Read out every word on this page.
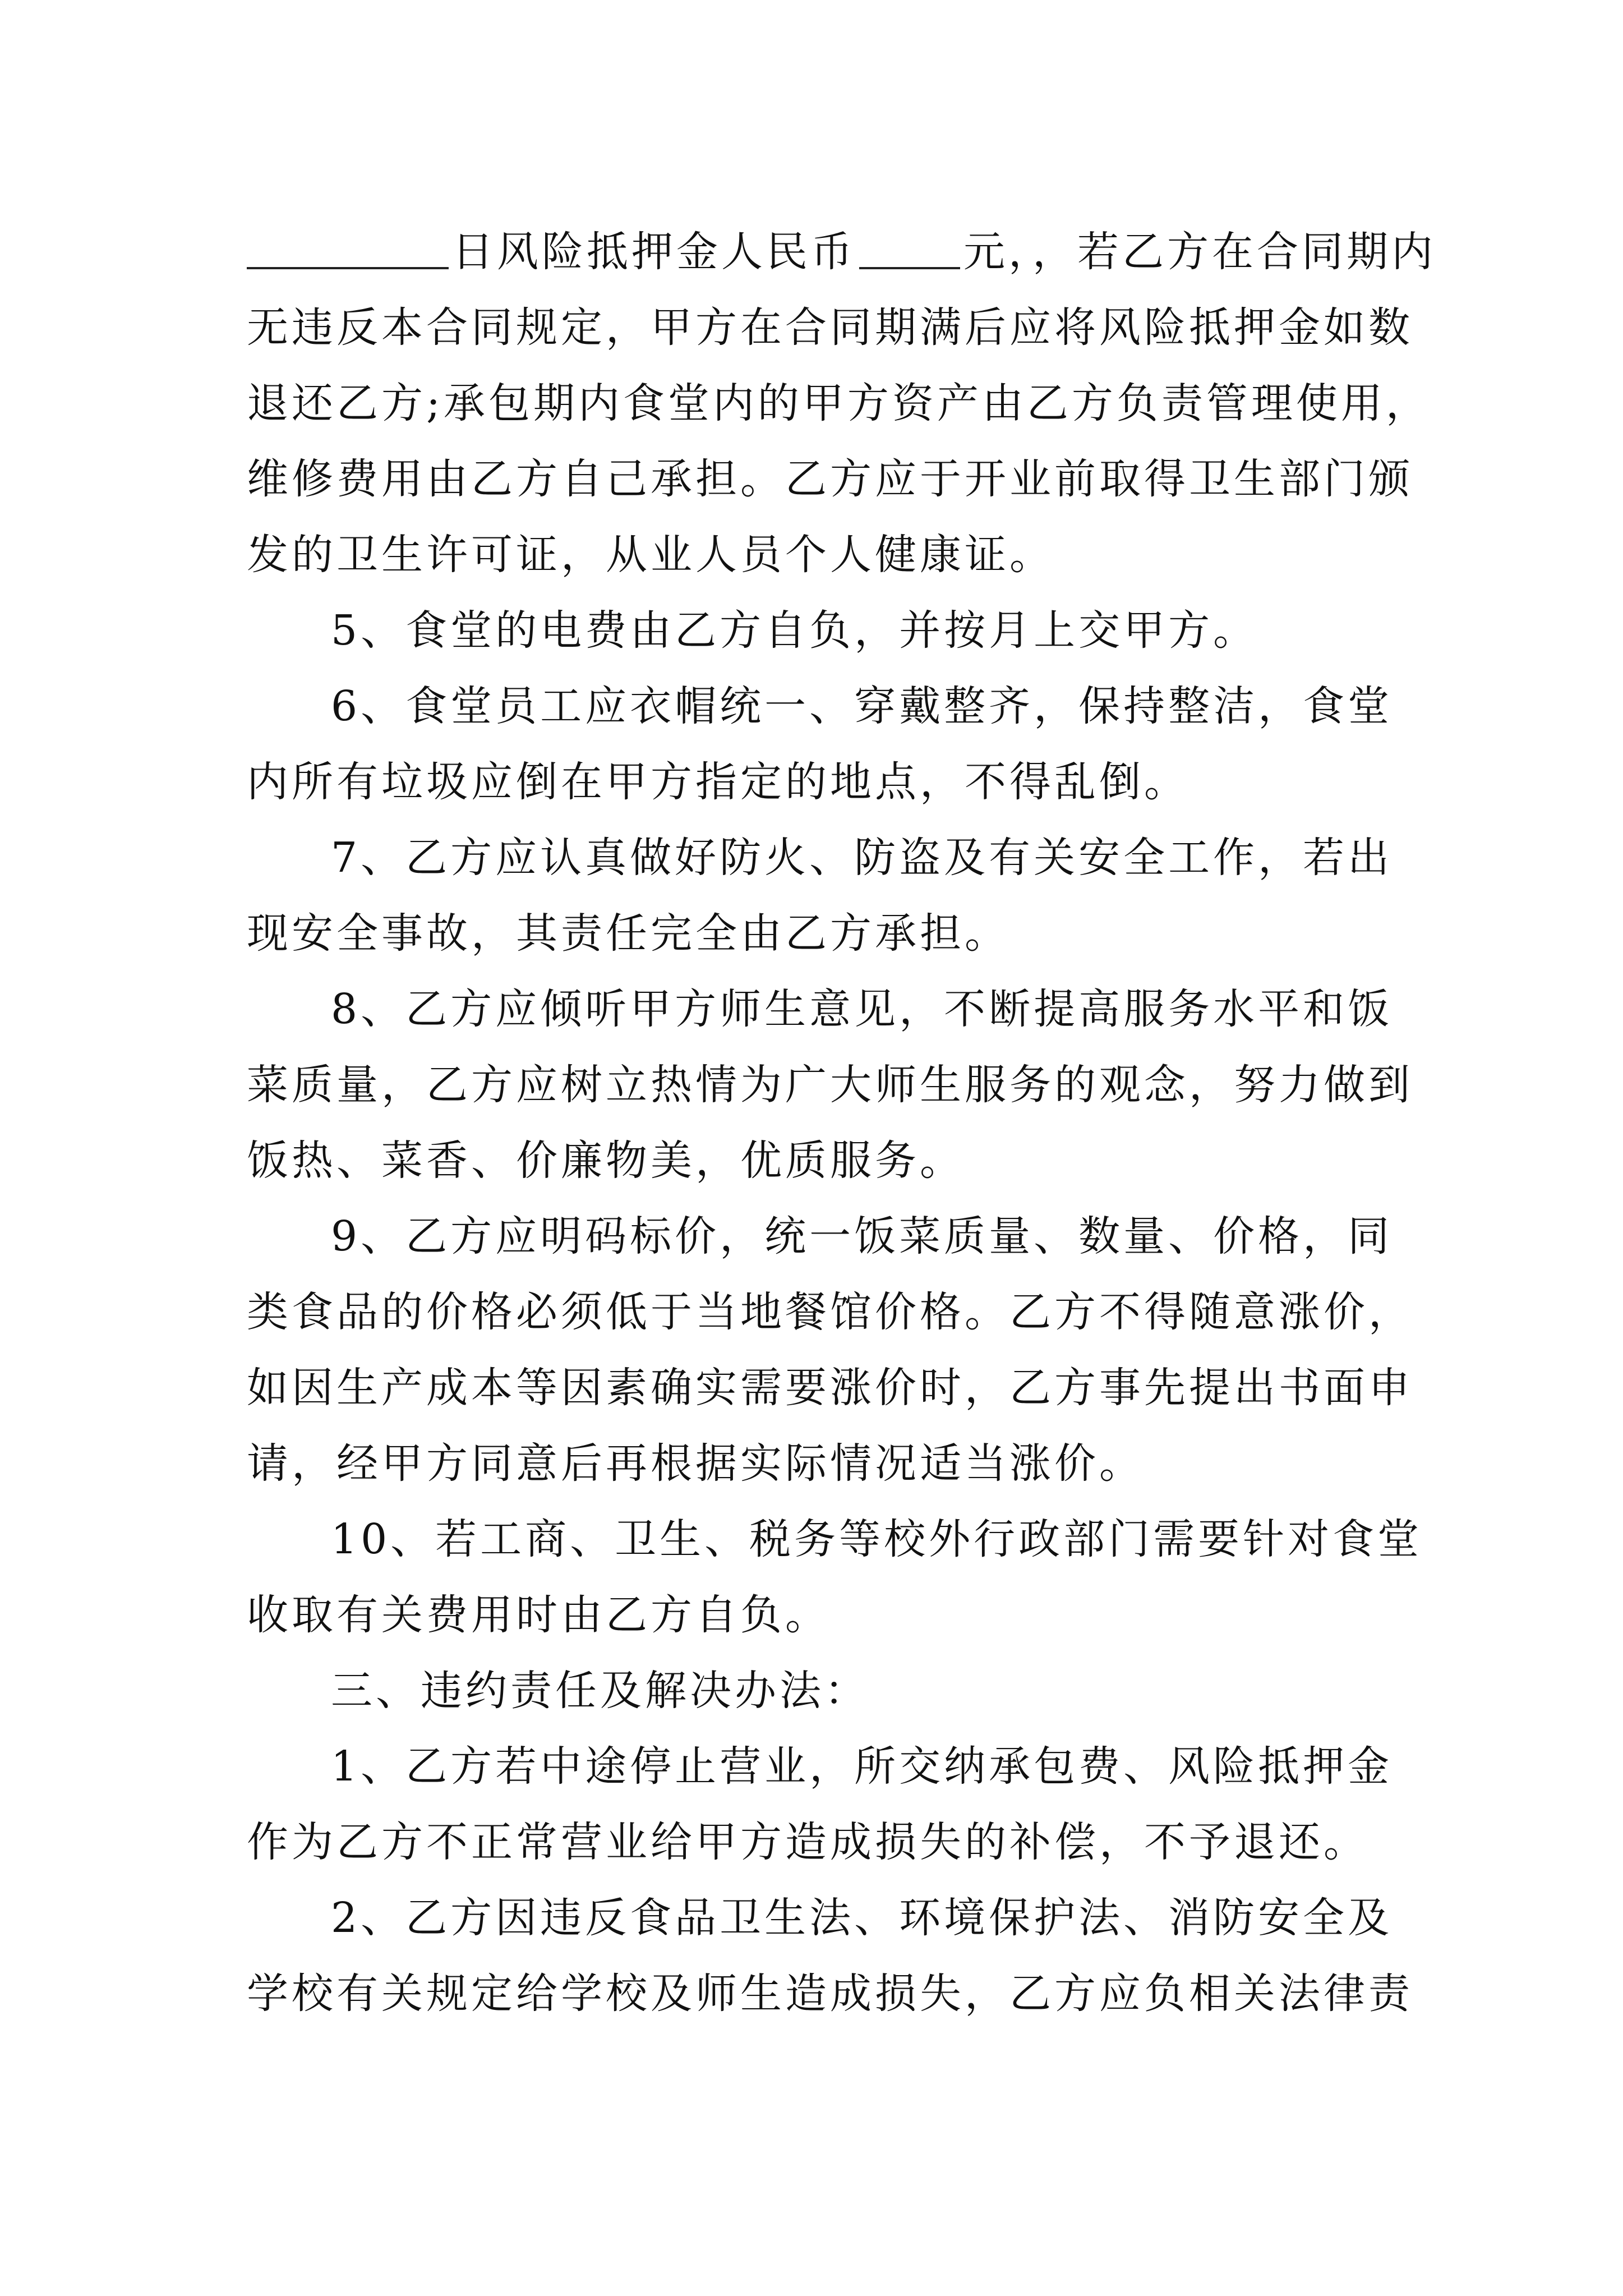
日风险抵押金人民币	元，，若乙方在合同期内
无违反本合同规定，甲方在合同期满后应将风险抵押金如数
退还乙方;承包期内食堂内的甲方资产由乙方负责管理使用，
维修费用由乙方自己承担。乙方应于开业前取得卫生部门颁
发的卫生许可证，从业人员个人健康证。
5、食堂的电费由乙方自负，并按月上交甲方。
6、食堂员工应衣帽统一、穿戴整齐，保持整洁，食堂
内所有垃圾应倒在甲方指定的地点，不得乱倒。
7、乙方应认真做好防火、防盗及有关安全工作，若出
现安全事故，其责任完全由乙方承担。
8、乙方应倾听甲方师生意见，不断提高服务水平和饭
菜质量，乙方应树立热情为广大师生服务的观念，努力做到
饭热、菜香、价廉物美，优质服务。
9、乙方应明码标价，统一饭菜质量、数量、价格，同
类食品的价格必须低于当地餐馆价格。乙方不得随意涨价，
如因生产成本等因素确实需要涨价时，乙方事先提出书面申
请，经甲方同意后再根据实际情况适当涨价。
10、若工商、卫生、税务等校外行政部门需要针对食堂
收取有关费用时由乙方自负。
三、违约责任及解决办法：
1、乙方若中途停止营业，所交纳承包费、风险抵押金
作为乙方不正常营业给甲方造成损失的补偿，不予退还。
2、乙方因违反食品卫生法、环境保护法、消防安全及
学校有关规定给学校及师生造成损失，乙方应负相关法律责
